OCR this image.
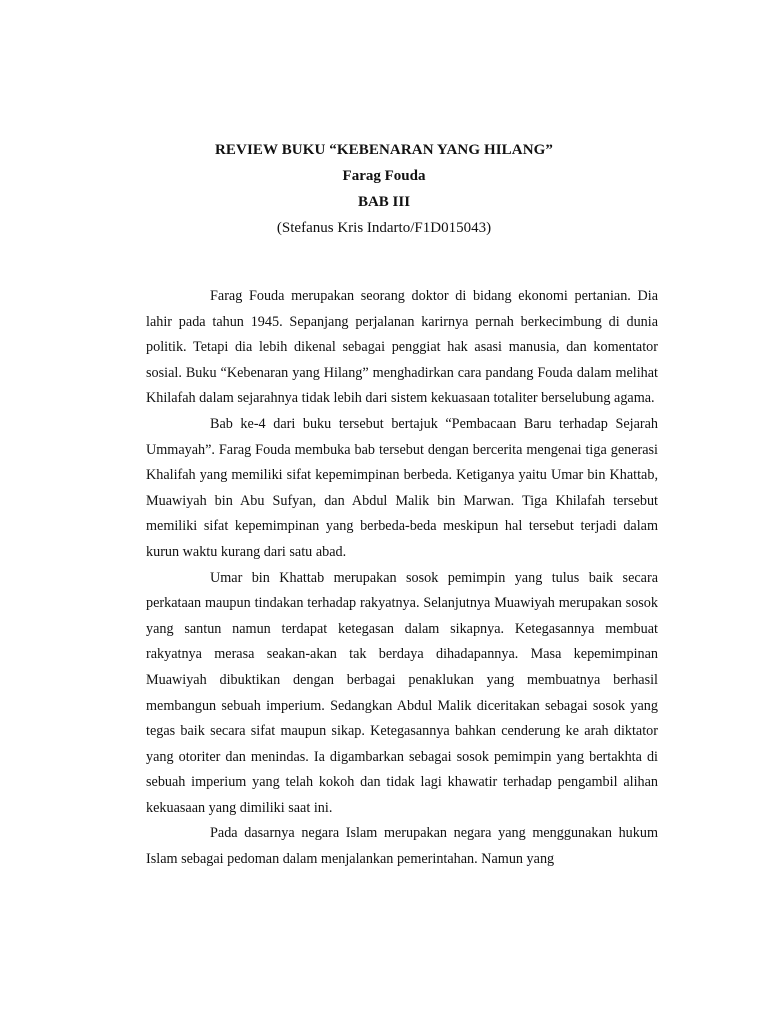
REVIEW BUKU “KEBENARAN YANG HILANG”
Farag Fouda
BAB III
(Stefanus Kris Indarto/F1D015043)

Farag Fouda merupakan seorang doktor di bidang ekonomi pertanian. Dia lahir pada tahun 1945. Sepanjang perjalanan karirnya pernah berkecimbung di dunia politik. Tetapi dia lebih dikenal sebagai penggiat hak asasi manusia, dan komentator sosial. Buku “Kebenaran yang Hilang” menghadirkan cara pandang Fouda dalam melihat Khilafah dalam sejarahnya tidak lebih dari sistem kekuasaan totaliter berselubung agama.

Bab ke-4 dari buku tersebut bertajuk “Pembacaan Baru terhadap Sejarah Ummayah”. Farag Fouda membuka bab tersebut dengan bercerita mengenai tiga generasi Khalifah yang memiliki sifat kepemimpinan berbeda. Ketiganya yaitu Umar bin Khattab, Muawiyah bin Abu Sufyan, dan Abdul Malik bin Marwan. Tiga Khilafah tersebut memiliki sifat kepemimpinan yang berbeda-beda meskipun hal tersebut terjadi dalam kurun waktu kurang dari satu abad.

Umar bin Khattab merupakan sosok pemimpin yang tulus baik secara perkataan maupun tindakan terhadap rakyatnya. Selanjutnya Muawiyah merupakan sosok yang santun namun terdapat ketegasan dalam sikapnya. Ketegasannya membuat rakyatnya merasa seakan-akan tak berdaya dihadapannya. Masa kepemimpinan Muawiyah dibuktikan dengan berbagai penaklukan yang membuatnya berhasil membangun sebuah imperium. Sedangkan Abdul Malik diceritakan sebagai sosok yang tegas baik secara sifat maupun sikap. Ketegasannya bahkan cenderung ke arah diktator yang otoriter dan menindas. Ia digambarkan sebagai sosok pemimpin yang bertakhta di sebuah imperium yang telah kokoh dan tidak lagi khawatir terhadap pengambil alihan kekuasaan yang dimiliki saat ini.

Pada dasarnya negara Islam merupakan negara yang menggunakan hukum Islam sebagai pedoman dalam menjalankan pemerintahan. Namun yang
